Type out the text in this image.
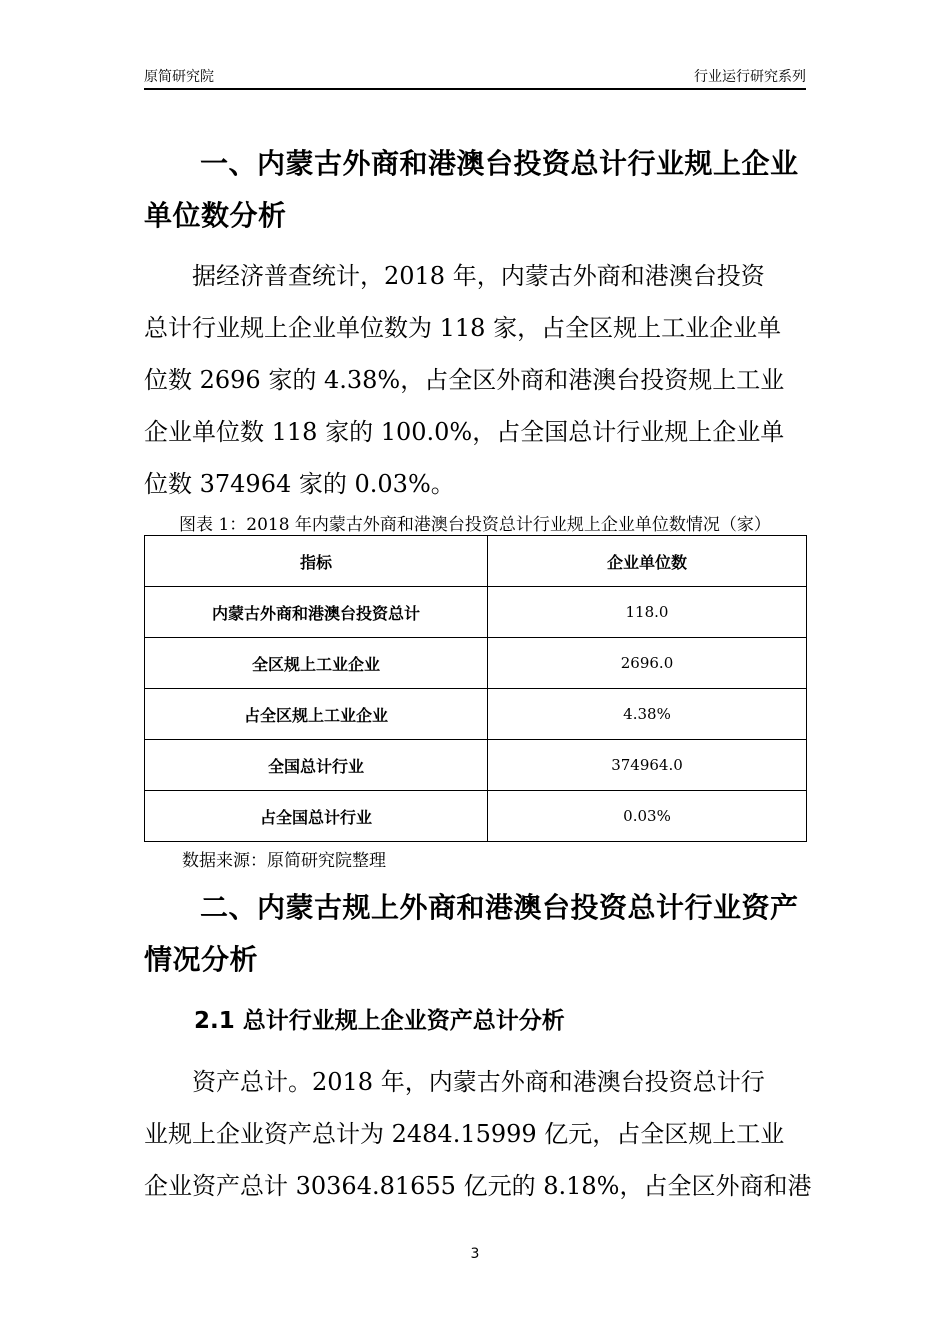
原简研究院	行业运行研究系列
一、内蒙古外商和港澳台投资总计行业规上企业
单位数分析
据经济普查统计，2018 年，内蒙古外商和港澳台投资
总计行业规上企业单位数为 118 家，占全区规上工业企业单
位数 2696 家的 4.38%，占全区外商和港澳台投资规上工业
企业单位数 118 家的 100.0%，占全国总计行业规上企业单
位数 374964 家的 0.03%。
图表 1：2018 年内蒙古外商和港澳台投资总计行业规上企业单位数情况（家）
指标	企业单位数
内蒙古外商和港澳台投资总计	118.0
全区规上工业企业	2696.0
占全区规上工业企业	4.38%
全国总计行业	374964.0
占全国总计行业	0.03%
数据来源：原简研究院整理
二、内蒙古规上外商和港澳台投资总计行业资产
情况分析
2.1 总计行业规上企业资产总计分析
资产总计。2018 年，内蒙古外商和港澳台投资总计行
业规上企业资产总计为 2484.15999 亿元，占全区规上工业
企业资产总计 30364.81655 亿元的 8.18%，占全区外商和港
3
